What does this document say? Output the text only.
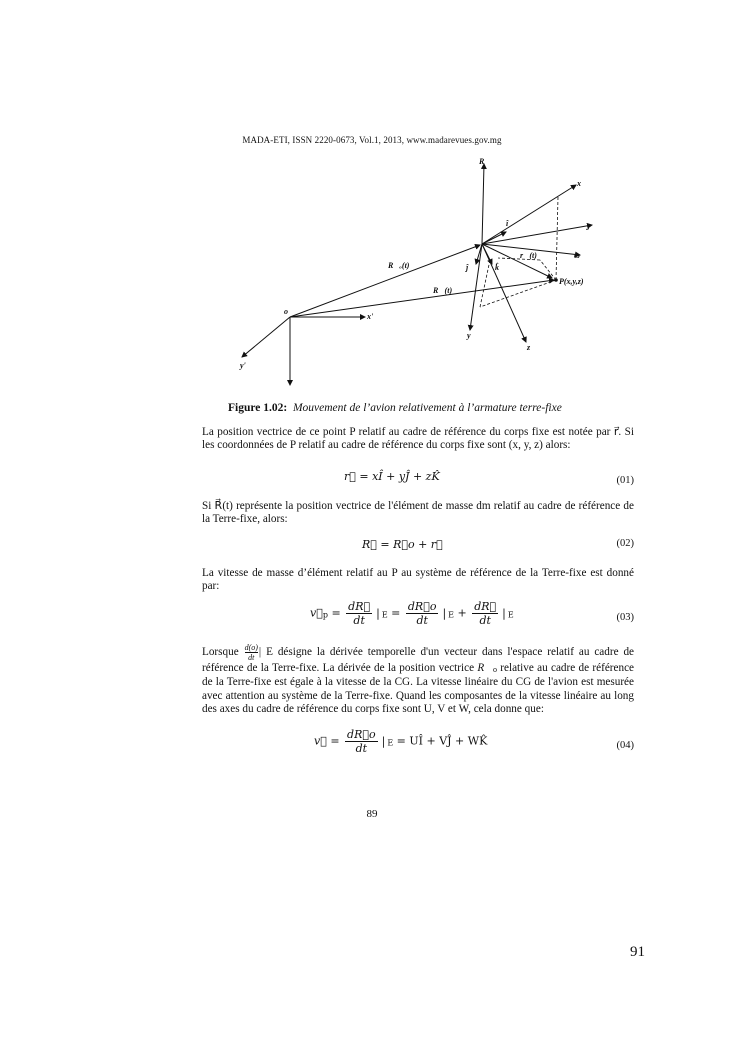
MADA-ETI, ISSN 2220-0673, Vol.1, 2013, www.madarevues.gov.mg
R⃗
x
J⃗
ω⃗
î
r⃗(t)
R⃗ₒ(t)
R⃗(t)
ĵ	k̂
P(x,y,z)
o
x'
y'
y
z
Figure 1.02: Mouvement de l’avion relativement à l’armature terre-fixe
La position vectrice de ce point P relatif au cadre de référence du corps fixe est notée par r⃗. Si les coordonnées de P relatif au cadre de référence du corps fixe sont (x, y, z) alors:
r⃗ = xÎ + yĴ + zK̂	(01)
Si R⃗(t) représente la position vectrice de l'élément de masse dm relatif au cadre de référence de la Terre-fixe, alors:
R⃗ = R⃗o + r⃗	(02)
La vitesse de masse d’élément relatif au P au système de référence de la Terre-fixe est donné par:
v⃗p = $\frac{dR⃗}{dt}$ | $E = \frac{dR⃗o}{dt}$ | $E + \frac{dR⃗}{dt}$ | E	(03)
Lorsque $\frac{d(o)}{dt}$ | E désigne la dérivée temporelle d'un vecteur dans l'espace relatif au cadre de référence de la Terre-fixe. La dérivée de la position vectrice R⃗o relative au cadre de référence de la Terre-fixe est égale à la vitesse de la CG. La vitesse linéaire du CG de l'avion est mesurée avec attention au système de la Terre-fixe. Quand les composantes de la vitesse linéaire au long des axes du cadre de référence du corps fixe sont U, V et W, cela donne que:
v⃗ = $\frac{dR⃗o}{dt}$ | E = UÎ + VĴ + WK̂	(04)
89
91
